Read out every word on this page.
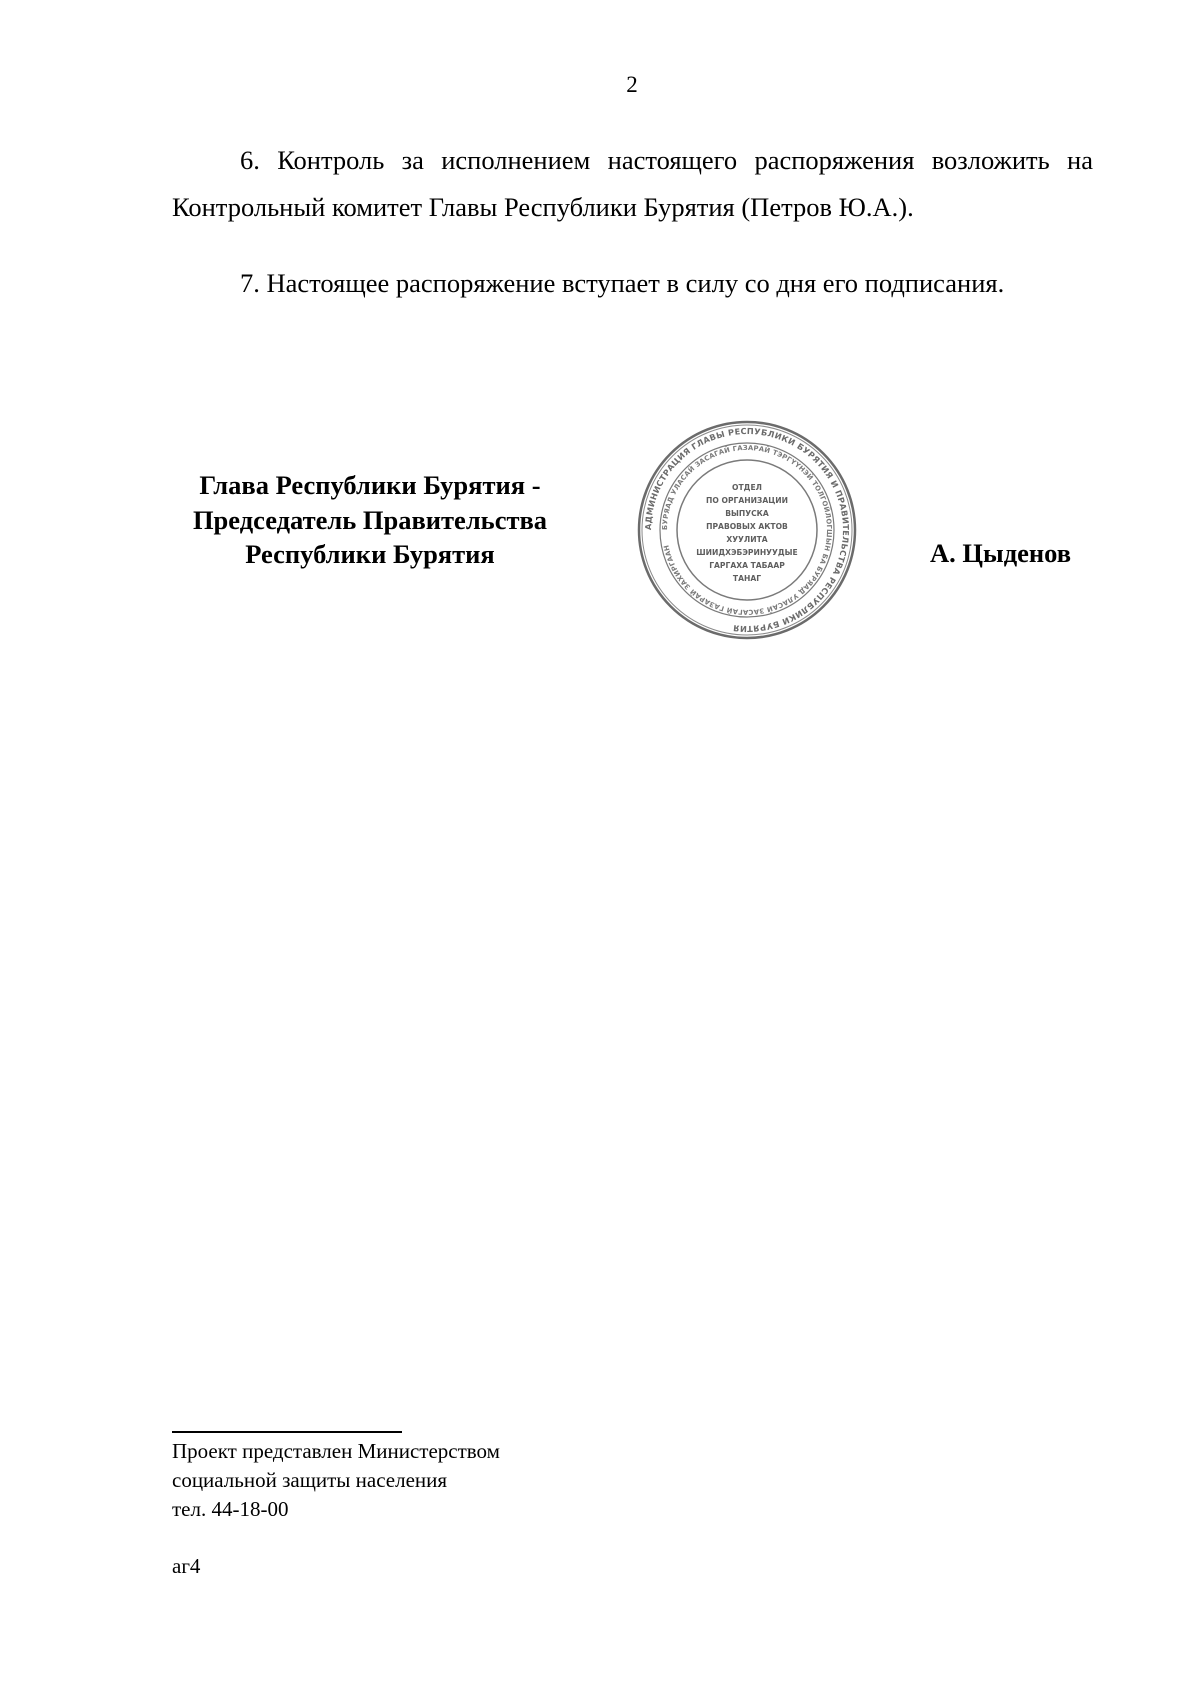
2

6. Контроль за исполнением настоящего распоряжения возложить на Контрольный комитет Главы Республики Бурятия (Петров Ю.А.).

7. Настоящее распоряжение вступает в силу со дня его подписания.

Глава Республики Бурятия -
Председатель Правительства
Республики Бурятия
АДМИНИСТРАЦИЯ ГЛАВЫ РЕСПУБЛИКИ БУРЯТИЯ И ПРАВИТЕЛЬСТВА РЕСПУБЛИКИ БУРЯТИЯ
БУРЯАД УЛАСАЙ ЗАСАГАЙ ГАЗАРАЙ ТЭРГҮҮНЭЙ ТОЛГОЙЛОГШЫН БА БУРЯАД УЛАСАЙ ЗАСАГАЙ ГАЗАРАЙ ЗАХИРГААН
ОТДЕЛ
ПО ОРГАНИЗАЦИИ
ВЫПУСКА
ПРАВОВЫХ АКТОВ
ХУУЛИТА
ШИИДХЭБЭРИНУУДЫЕ
ГАРГАХА ТАБААР
ТАНАГ
А. Цыденов
Проект представлен Министерством
социальной защиты населения
тел. 44-18-00
аг4
